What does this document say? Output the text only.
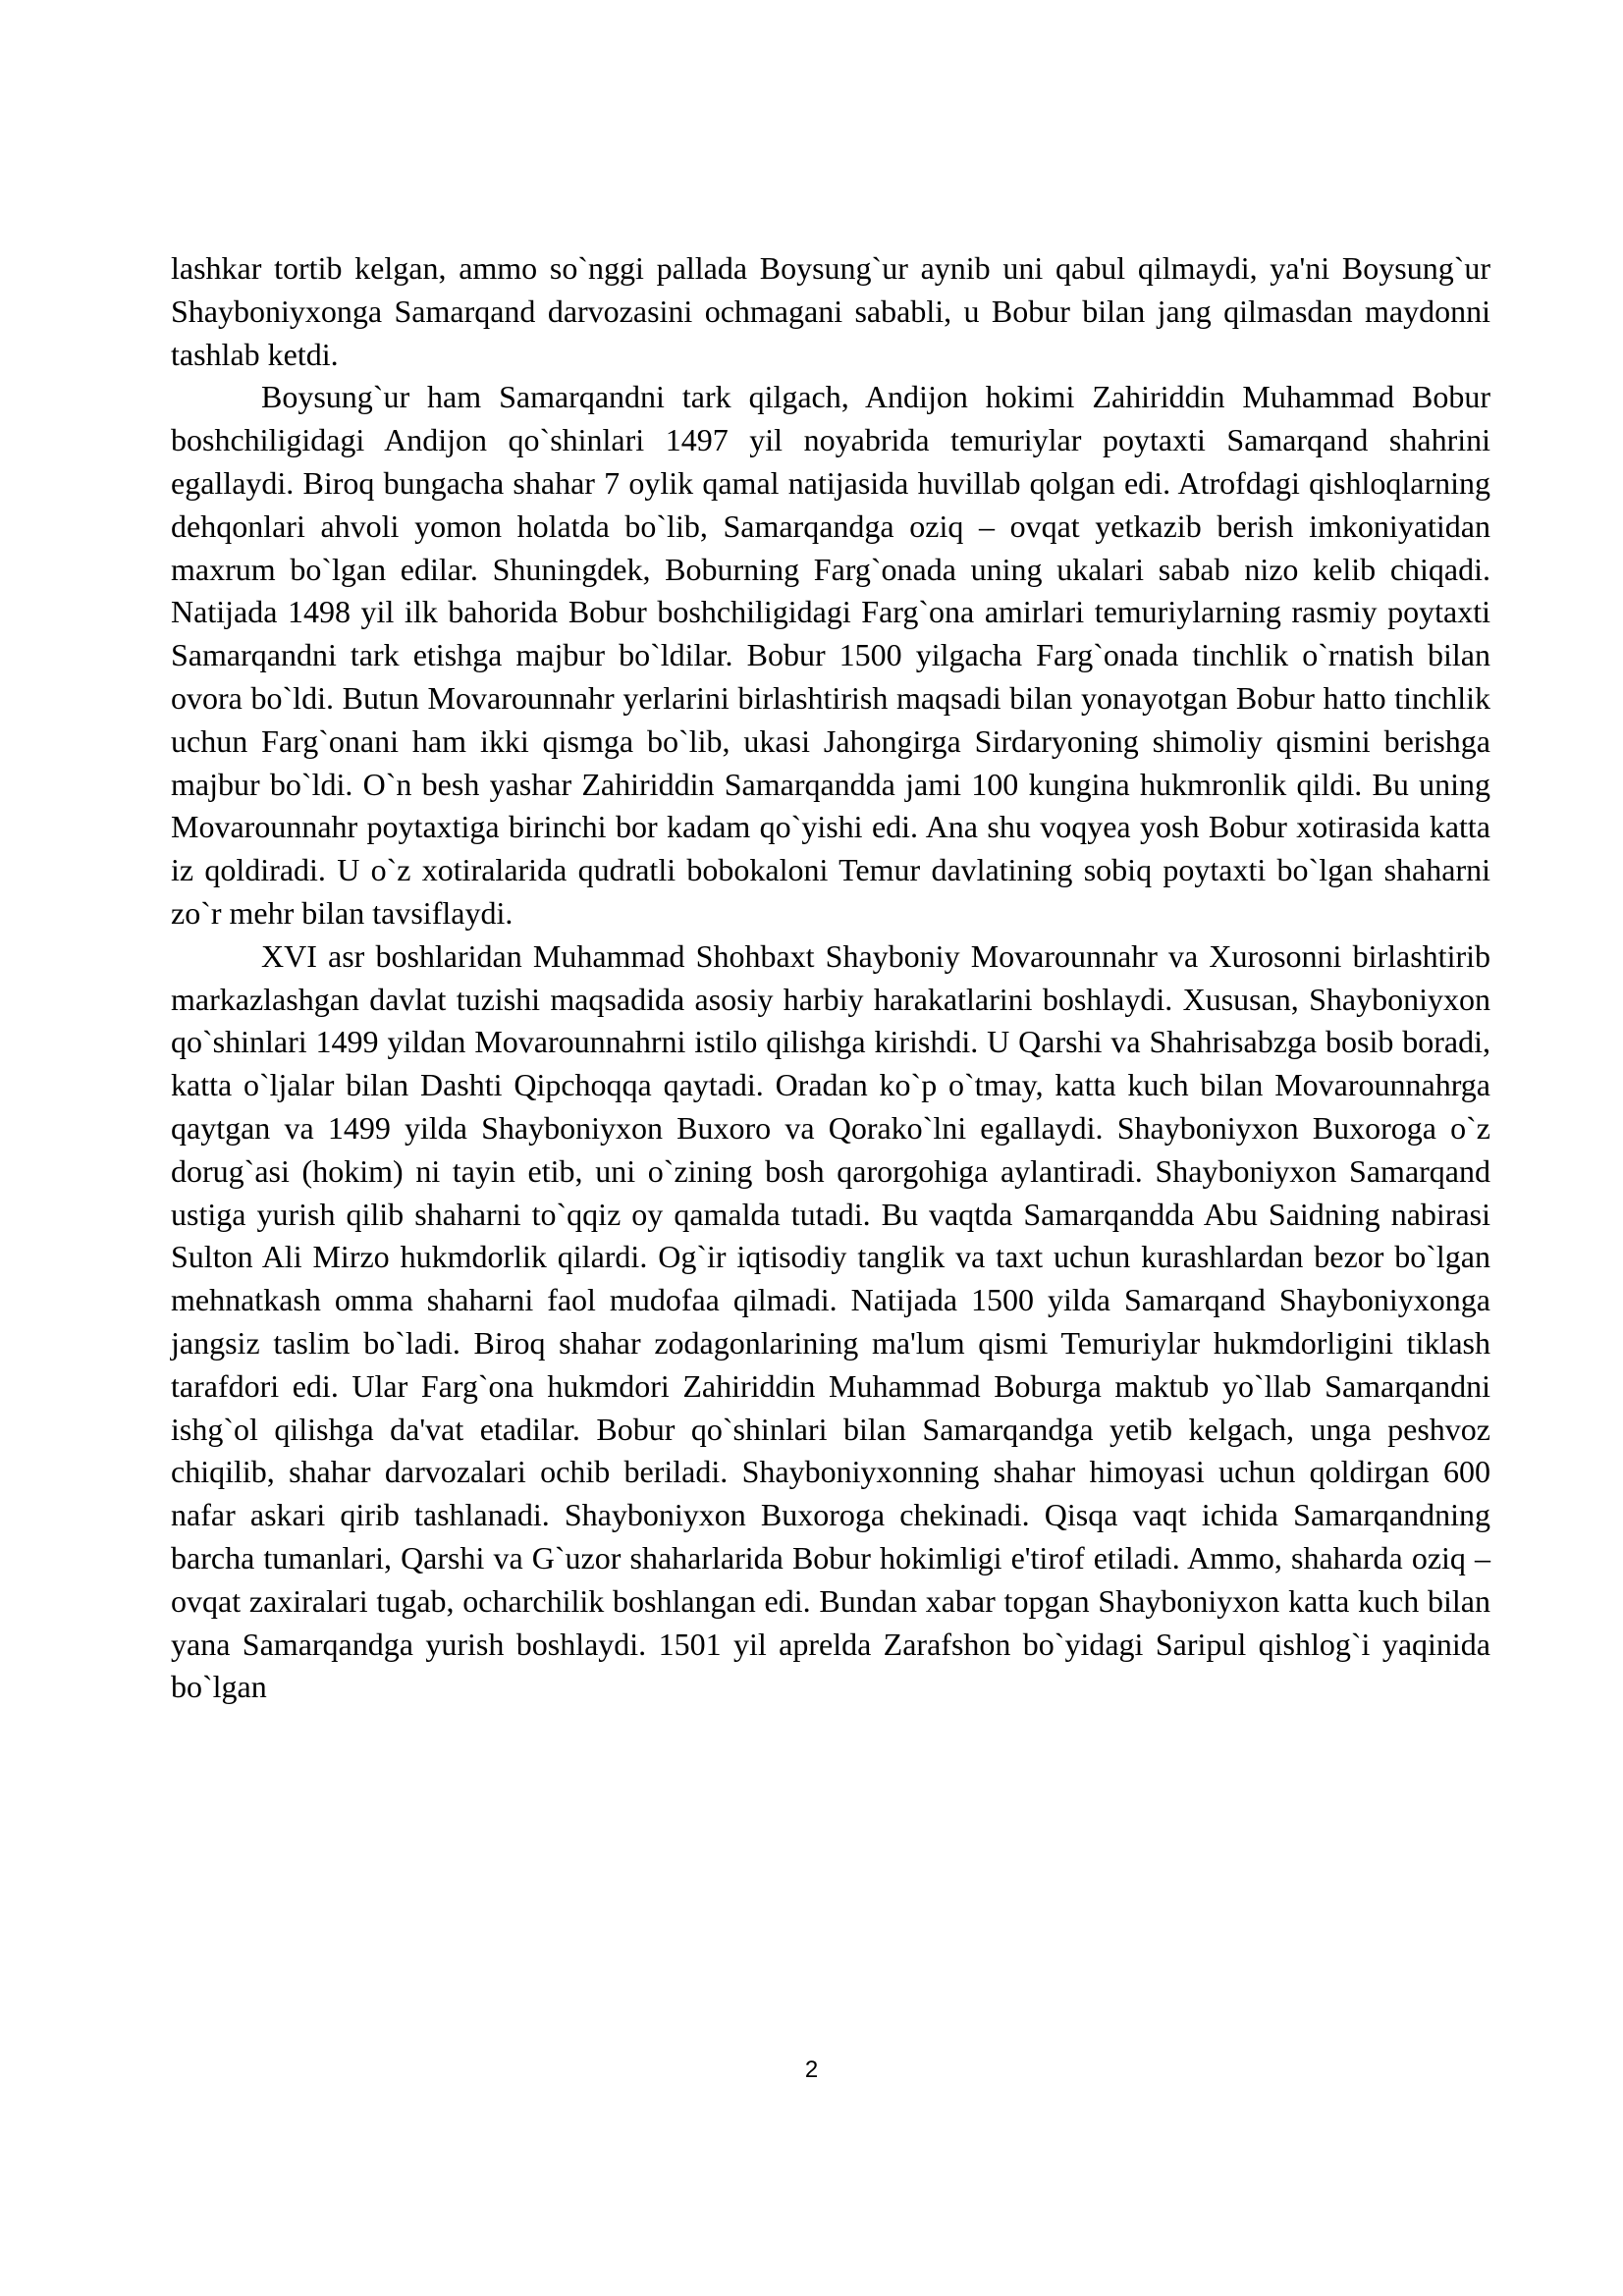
lashkar tortib kelgan, ammo so`nggi pallada Boysung`ur aynib uni qabul qilmaydi, ya'ni Boysung`ur Shayboniyxonga Samarqand darvozasini ochmagani sababli, u Bobur bilan jang qilmasdan maydonni tashlab ketdi.

Boysung`ur ham Samarqandni tark qilgach, Andijon hokimi Zahiriddin Muhammad Bobur boshchiligidagi Andijon qo`shinlari 1497 yil noyabrida temuriylar poytaxti Samarqand shahrini egallaydi. Biroq bungacha shahar 7 oylik qamal natijasida huvillab qolgan edi. Atrofdagi qishloqlarning dehqonlari ahvoli yomon holatda bo`lib, Samarqandga oziq – ovqat yetkazib berish imkoniyatidan maxrum bo`lgan edilar. Shuningdek, Boburning Farg`onada uning ukalari sabab nizo kelib chiqadi. Natijada 1498 yil ilk bahorida Bobur boshchiligidagi Farg`ona amirlari temuriylarning rasmiy poytaxti Samarqandni tark etishga majbur bo`ldilar. Bobur 1500 yilgacha Farg`onada tinchlik o`rnatish bilan ovora bo`ldi. Butun Movarounnahr yerlarini birlashtirish maqsadi bilan yonayotgan Bobur hatto tinchlik uchun Farg`onani ham ikki qismga bo`lib, ukasi Jahongirga Sirdaryoning shimoliy qismini berishga majbur bo`ldi. O`n besh yashar Zahiriddin Samarqandda jami 100 kungina hukmronlik qildi. Bu uning Movarounnahr poytaxtiga birinchi bor kadam qo`yishi edi. Ana shu voqyea yosh Bobur xotirasida katta iz qoldiradi. U o`z xotiralarida qudratli bobokaloni Temur davlatining sobiq poytaxti bo`lgan shaharni zo`r mehr bilan tavsiflaydi.

XVI asr boshlaridan Muhammad Shohbaxt Shayboniy Movarounnahr va Xurosonni birlashtirib markazlashgan davlat tuzishi maqsadida asosiy harbiy harakatlarini boshlaydi. Xususan, Shayboniyxon qo`shinlari 1499 yildan Movarounnahrni istilo qilishga kirishdi. U Qarshi va Shahrisabzga bosib boradi, katta o`ljalar bilan Dashti Qipchoqqa qaytadi. Oradan ko`p o`tmay, katta kuch bilan Movarounnahrga qaytgan va 1499 yilda Shayboniyxon Buxoro va Qorako`lni egallaydi. Shayboniyxon Buxoroga o`z dorug`asi (hokim) ni tayin etib, uni o`zining bosh qarorgohiga aylantiradi. Shayboniyxon Samarqand ustiga yurish qilib shaharni to`qqiz oy qamalda tutadi. Bu vaqtda Samarqandda Abu Saidning nabirasi Sulton Ali Mirzo hukmdorlik qilardi. Og`ir iqtisodiy tanglik va taxt uchun kurashlardan bezor bo`lgan mehnatkash omma shaharni faol mudofaa qilmadi. Natijada 1500 yilda Samarqand Shayboniyxonga jangsiz taslim bo`ladi. Biroq shahar zodagonlarining ma'lum qismi Temuriylar hukmdorligini tiklash tarafdori edi. Ular Farg`ona hukmdori Zahiriddin Muhammad Boburga maktub yo`llab Samarqandni ishg`ol qilishga da'vat etadilar. Bobur qo`shinlari bilan Samarqandga yetib kelgach, unga peshvoz chiqilib, shahar darvozalari ochib beriladi. Shayboniyxonning shahar himoyasi uchun qoldirgan 600 nafar askari qirib tashlanadi. Shayboniyxon Buxoroga chekinadi. Qisqa vaqt ichida Samarqandning barcha tumanlari, Qarshi va G`uzor shaharlarida Bobur hokimligi e'tirof etiladi. Ammo, shaharda oziq – ovqat zaxiralari tugab, ocharchilik boshlangan edi. Bundan xabar topgan Shayboniyxon katta kuch bilan yana Samarqandga yurish boshlaydi. 1501 yil aprelda Zarafshon bo`yidagi Saripul qishlog`i yaqinida bo`lgan

2
